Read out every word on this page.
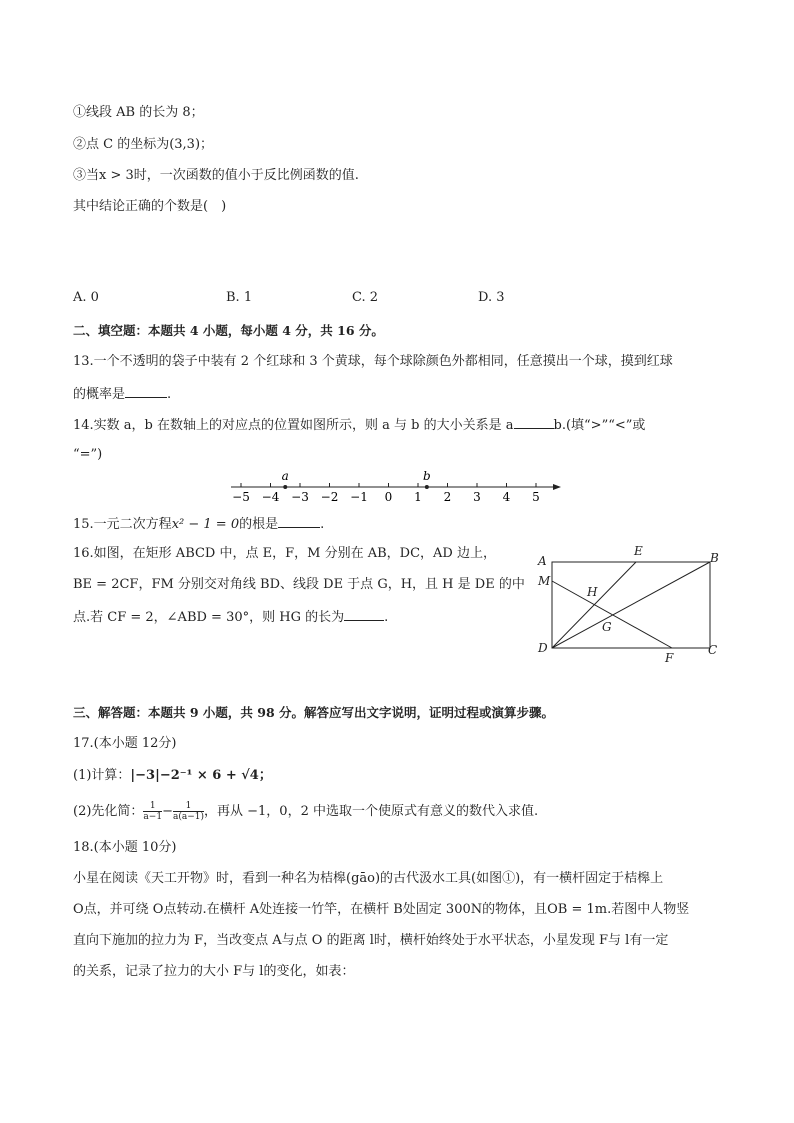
①线段 AB 的长为 8；
②点 C 的坐标为(3,3)；
③当x > 3时，一次函数的值小于反比例函数的值.
其中结论正确的个数是(　)
A. 0	B. 1	C. 2	D. 3
二、填空题：本题共 4 小题，每小题 4 分，共 16 分。
13.一个不透明的袋子中装有 2 个红球和 3 个黄球，每个球除颜色外都相同，任意摸出一个球，摸到红球
的概率是	.
14.实数 a，b 在数轴上的对应点的位置如图所示，则 a 与 b 的大小关系是 a	b.(填“>”“<”或
“=”)
−5 −4 −3 −2 −1 0 1 2 3 4 5
a	b
15.一元二次方程x² − 1 = 0的根是	.
16.如图，在矩形 ABCD 中，点 E，F，M 分别在 AB，DC，AD 边上，
BE = 2CF，FM 分别交对角线 BD、线段 DE 于点 G，H，且 H 是 DE 的中
点.若 CF = 2，∠ABD = 30°，则 HG 的长为	.
A
E	B
M
H
G
D
F
C
三、解答题：本题共 9 小题，共 98 分。解答应写出文字说明，证明过程或演算步骤。
17.(本小题 12分)
(1)计算：|−3|−2⁻¹ × 6 + √4；
(2)先化简： $\frac{1}{a-1} - \frac{1}{a(a-1)}$ ，再从 −1，0，2 中选取一个使原式有意义的数代入求值.
18.(本小题 10分)
小星在阅读《天工开物》时，看到一种名为桔槔(gāo)的古代汲水工具(如图①)，有一横杆固定于桔槔上
O点，并可绕 O点转动.在横杆 A处连接一竹竿，在横杆 B处固定 300N的物体，且OB = 1m.若图中人物竖
直向下施加的拉力为 F，当改变点 A与点 O 的距离 l时，横杆始终处于水平状态，小星发现 F与 l有一定
的关系，记录了拉力的大小 F与 l的变化，如表：
